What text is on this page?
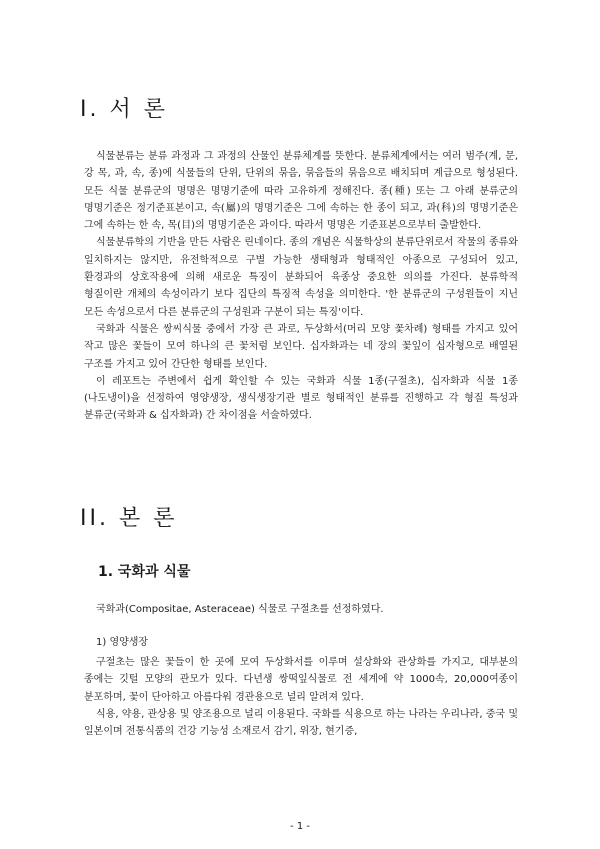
I. 서 론

식물분류는 분류 과정과 그 과정의 산물인 분류체계를 뜻한다. 분류체계에서는 여러 범주(계, 문, 강 목, 과, 속, 종)에 식물들의 단위, 단위의 묶음, 묶음들의 묶음으로 배치되며 계급으로 형성된다. 모든 식물 분류군의 명명은 명명기준에 따라 고유하게 정해진다. 종(種) 또는 그 아래 분류군의 명명기준은 정기준표본이고, 속(屬)의 명명기준은 그에 속하는 한 종이 되고, 과(科)의 명명기준은 그에 속하는 한 속, 목(目)의 명명기준은 과이다. 따라서 명명은 기준표본으로부터 출발한다.

식물분류학의 기반을 만든 사람은 린네이다. 종의 개념은 식물학상의 분류단위로서 작물의 종류와 일치하지는 않지만, 유전학적으로 구별 가능한 생태형과 형태적인 아종으로 구성되어 있고, 환경과의 상호작용에 의해 새로운 특징이 분화되어 육종상 중요한 의의를 가진다. 분류학적 형질이란 개체의 속성이라기 보다 집단의 특징적 속성을 의미한다. '한 분류군의 구성원들이 지닌 모든 속성으로서 다른 분류군의 구성원과 구분이 되는 특징'이다.

국화과 식물은 쌍씨식물 중에서 가장 큰 과로, 두상화서(머리 모양 꽃차례) 형태를 가지고 있어 작고 많은 꽃들이 모여 하나의 큰 꽃처럼 보인다. 십자화과는 네 장의 꽃잎이 십자형으로 배열된 구조를 가지고 있어 간단한 형태를 보인다.

이 레포트는 주변에서 쉽게 확인할 수 있는 국화과 식물 1종(구절초), 십자화과 식물 1종(나도냉이)을 선정하여 영양생장, 생식생장기관 별로 형태적인 분류를 진행하고 각 형질 특성과 분류군(국화과 & 십자화과) 간 차이점을 서술하였다.

II. 본 론
1. 국화과 식물

국화과(Compositae, Asteraceae) 식물로 구절초를 선정하였다.

1) 영양생장

구절초는 많은 꽃들이 한 곳에 모여 두상화서를 이루며 설상화와 관상화를 가지고, 대부분의 종에는 깃털 모양의 관모가 있다. 다년생 쌍떡잎식물로 전 세계에 약 1000속, 20,000여종이 분포하며, 꽃이 단아하고 아름다워 경관용으로 널리 알려져 있다.

식용, 약용, 관상용 및 양조용으로 널리 이용된다. 국화를 식용으로 하는 나라는 우리나라, 중국 및 일본이며 전통식품의 건강 기능성 소재로서 감기, 위장, 현기증,

- 1 -
